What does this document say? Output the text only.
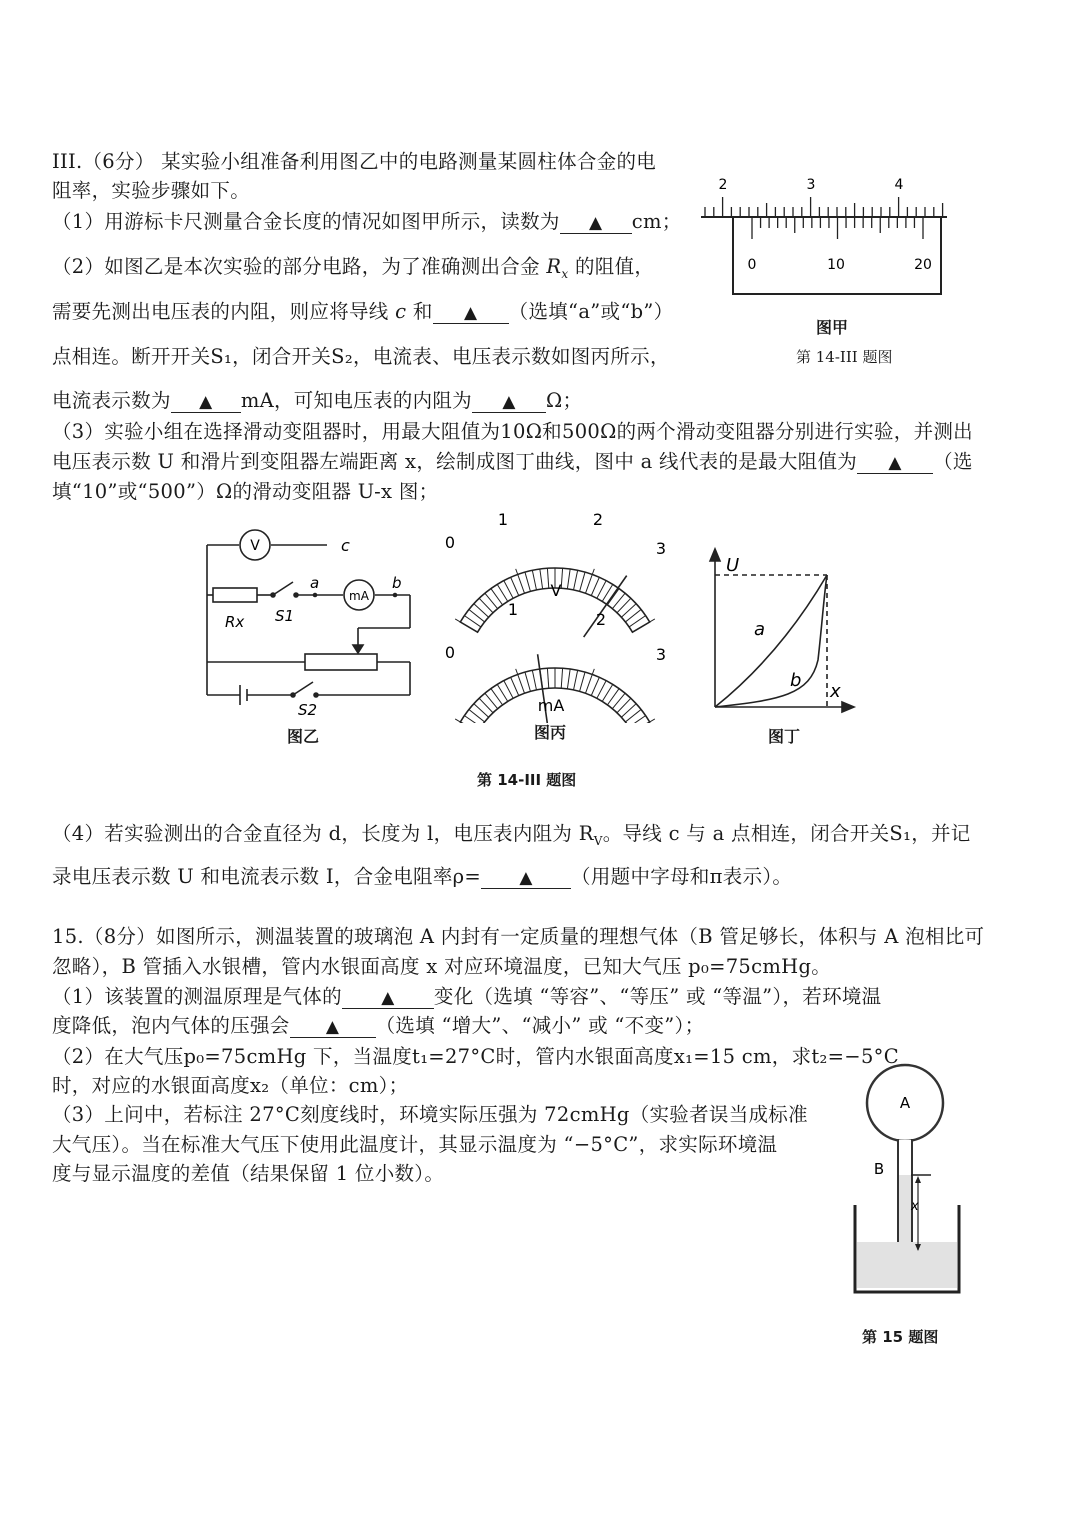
III.（6分） 某实验小组准备利用图乙中的电路测量某圆柱体合金的电
阻率，实验步骤如下。
（1）用游标卡尺测量合金长度的情况如图甲所示，读数为 ▲ cm；
（2）如图乙是本次实验的部分电路，为了准确测出合金 $R_x$ 的阻值，
需要先测出电压表的内阻，则应将导线 c 和 ▲ （选填“a”或“b”）
点相连。断开开关S₁，闭合开关S₂，电流表、电压表示数如图丙所示，
电流表示数为 ▲ mA，可知电压表的内阻为 ▲ Ω；
（3）实验小组在选择滑动变阻器时，用最大阻值为10Ω和500Ω的两个滑动变阻器分别进行实验，并测出
电压表示数 U 和滑片到变阻器左端距离 x，绘制成图丁曲线，图中 a 线代表的是最大阻值为 ▲ （选
填“10”或“500”）Ω的滑动变阻器 U-x 图；
（4）若实验测出的合金直径为 d，长度为 l，电压表内阻为 $R_V$。导线 c 与 a 点相连，闭合开关S₁，并记
录电压表示数 U 和电流表示数 I，合金电阻率ρ= ▲ （用题中字母和π表示）。
2	3	4
0	10	20
图甲
第 14-III 题图
V
mA
c
a	b
Rx S1
S2
图乙
0
1	2
3
V
0
1
2
3
mA
图丙
U
a
b
x
图丁
第 14-III 题图
15.（8分）如图所示，测温装置的玻璃泡 A 内封有一定质量的理想气体（B 管足够长，体积与 A 泡相比可
忽略），B 管插入水银槽，管内水银面高度 x 对应环境温度，已知大气压 p₀=75cmHg。
（1）该装置的测温原理是气体的 ▲ 变化（选填 “等容”、“等压” 或 “等温”），若环境温
度降低，泡内气体的压强会 ▲ （选填 “增大”、“减小” 或 “不变”）；
（2）在大气压p₀=75cmHg 下，当温度t₁=27°C时，管内水银面高度x₁=15 cm，求t₂=−5°C
时，对应的水银面高度x₂（单位：cm）；
（3）上问中，若标注 27°C刻度线时，环境实际压强为 72cmHg（实验者误当成标准
大气压）。当在标准大气压下使用此温度计，其显示温度为 “−5°C”，求实际环境温
度与显示温度的差值（结果保留 1 位小数）。
A
B
x
第 15 题图
